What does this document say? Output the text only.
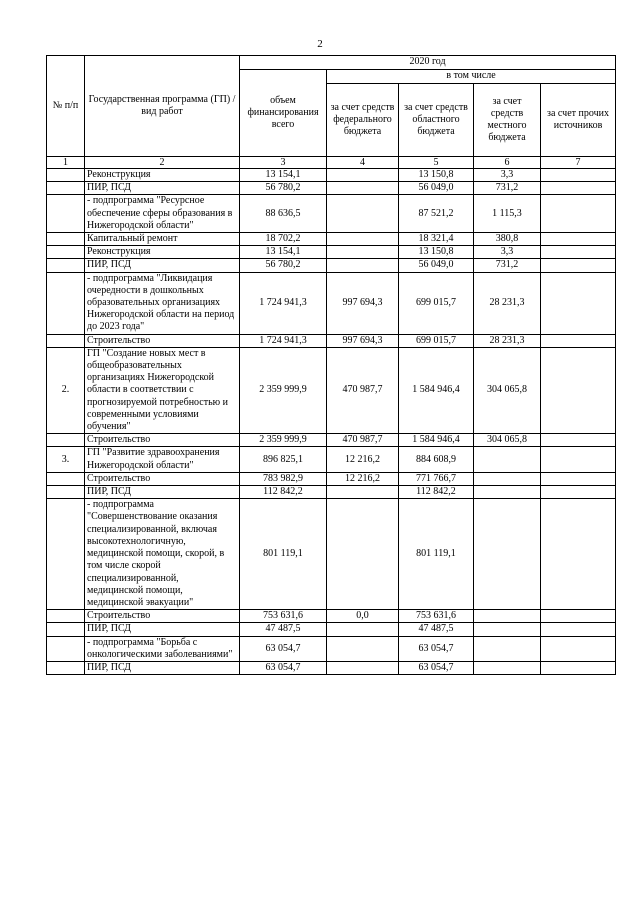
2
№ п/п	Государственная программа (ГП) / вид работ	2020 год				
		объем финансирования всего	в том числе			
			за счет средств федерального бюджета	за счет средств областного бюджета	за счет средств местного бюджета	за счет прочих источников
1	2	3	4	5	6	7
	Реконструкция	13 154,1		13 150,8	3,3	
	ПИР, ПСД	56 780,2		56 049,0	731,2	
	- подпрограмма "Ресурсное обеспечение сферы образования в Нижегородской области"	88 636,5		87 521,2	1 115,3	
	Капитальный ремонт	18 702,2		18 321,4	380,8	
	Реконструкция	13 154,1		13 150,8	3,3	
	ПИР, ПСД	56 780,2		56 049,0	731,2	
	- подпрограмма "Ликвидация очередности в дошкольных образовательных организациях Нижегородской области на период до 2023 года"	1 724 941,3	997 694,3	699 015,7	28 231,3	
	Строительство	1 724 941,3	997 694,3	699 015,7	28 231,3	
2.	ГП "Создание новых мест в общеобразовательных организациях Нижегородской области в соответствии с прогнозируемой потребностью и современными условиями обучения"	2 359 999,9	470 987,7	1 584 946,4	304 065,8	
	Строительство	2 359 999,9	470 987,7	1 584 946,4	304 065,8	
3.	ГП "Развитие здравоохранения Нижегородской области"	896 825,1	12 216,2	884 608,9		
	Строительство	783 982,9	12 216,2	771 766,7		
	ПИР, ПСД	112 842,2		112 842,2		
	- подпрограмма "Совершенствование оказания специализированной, включая высокотехнологичную, медицинской помощи, скорой, в том числе скорой специализированной, медицинской помощи, медицинской эвакуации"	801 119,1		801 119,1		
	Строительство	753 631,6	0,0	753 631,6		
	ПИР, ПСД	47 487,5		47 487,5		
	- подпрограмма "Борьба с онкологическими заболеваниями"	63 054,7		63 054,7		
	ПИР, ПСД	63 054,7		63 054,7		
